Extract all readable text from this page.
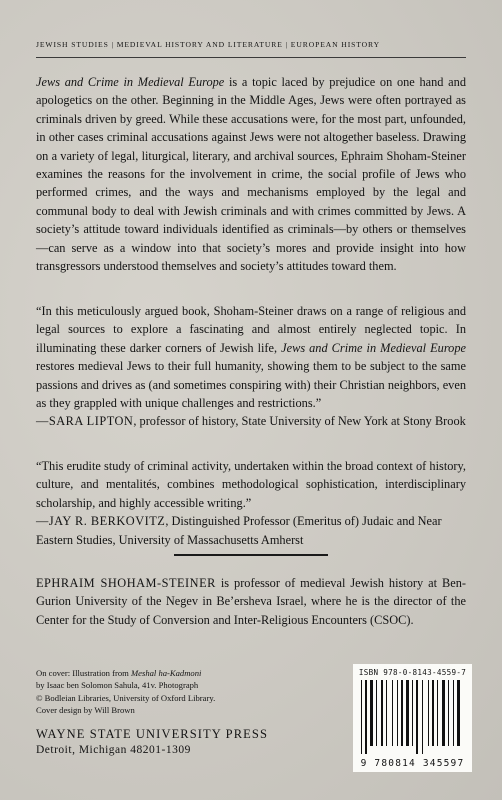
JEWISH STUDIES | MEDIEVAL HISTORY AND LITERATURE | EUROPEAN HISTORY

Jews and Crime in Medieval Europe is a topic laced by prejudice on one hand and apologetics on the other. Beginning in the Middle Ages, Jews were often portrayed as criminals driven by greed. While these accusations were, for the most part, unfounded, in other cases criminal accusations against Jews were not altogether baseless. Drawing on a variety of legal, liturgical, literary, and archival sources, Ephraim Shoham-Steiner examines the reasons for the involvement in crime, the social profile of Jews who performed crimes, and the ways and mechanisms employed by the legal and communal body to deal with Jewish criminals and with crimes committed by Jews. A society’s attitude toward individuals identified as criminals—by others or themselves—can serve as a window into that society’s mores and provide insight into how transgressors understood themselves and society’s attitudes toward them.

“In this meticulously argued book, Shoham-Steiner draws on a range of religious and legal sources to explore a fascinating and almost entirely neglected topic. In illuminating these darker corners of Jewish life, Jews and Crime in Medieval Europe restores medieval Jews to their full humanity, showing them to be subject to the same passions and drives as (and sometimes conspiring with) their Christian neighbors, even as they grappled with unique challenges and restrictions.”
—SARA LIPTON, professor of history, State University of New York at Stony Brook

“This erudite study of criminal activity, undertaken within the broad context of history, culture, and mentalités, combines methodological sophistication, interdisciplinary scholarship, and highly accessible writing.”
—JAY R. BERKOVITZ, Distinguished Professor (Emeritus of) Judaic and Near Eastern Studies, University of Massachusetts Amherst

EPHRAIM SHOHAM-STEINER is professor of medieval Jewish history at Ben-Gurion University of the Negev in Be’ersheva Israel, where he is the director of the Center for the Study of Conversion and Inter-Religious Encounters (CSOC).

On cover: Illustration from Meshal ha-Kadmoni
by Isaac ben Solomon Sahula, 41v. Photograph
© Bodleian Libraries, University of Oxford Library.
Cover design by Will Brown

WAYNE STATE UNIVERSITY PRESS
Detroit, Michigan 48201-1309
ISBN 978-0-8143-4559-7
9 780814 345597
